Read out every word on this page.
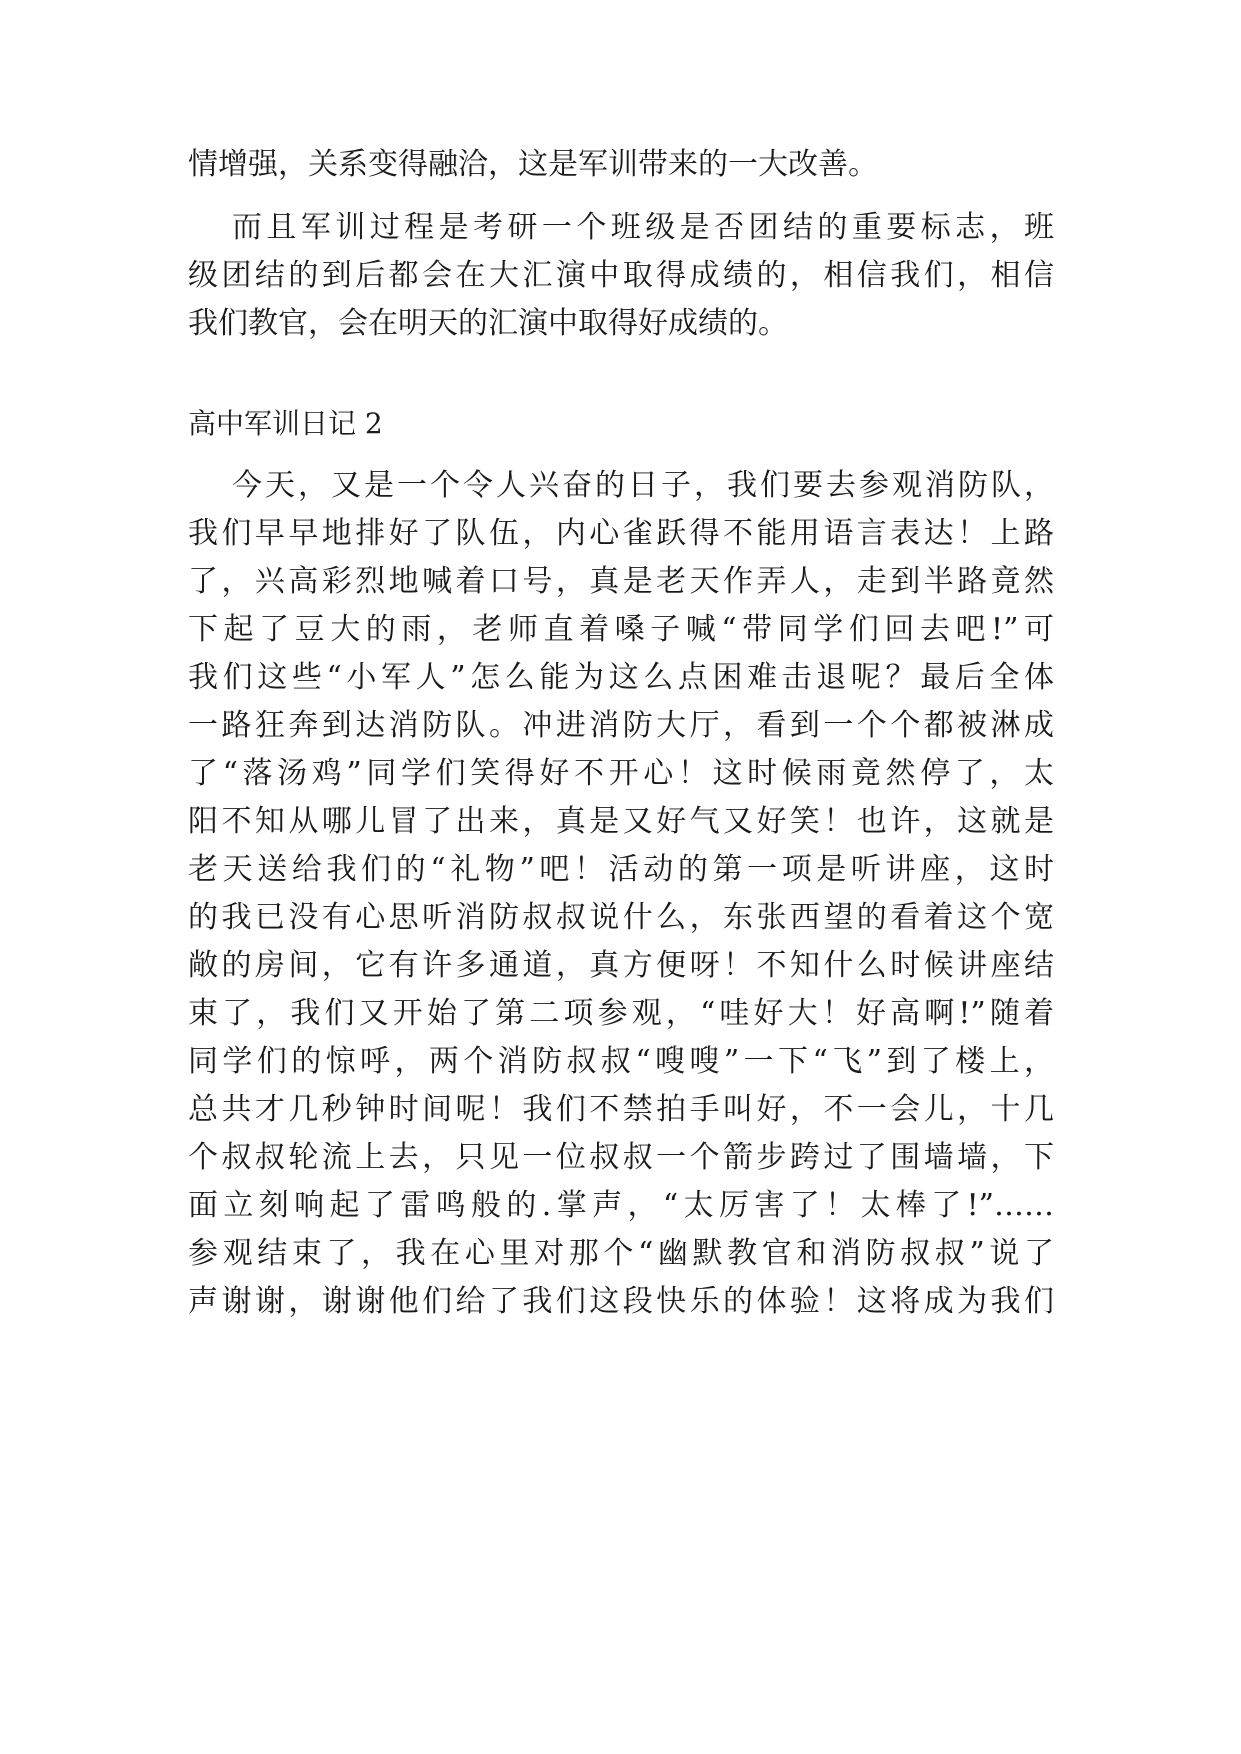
情增强，关系变得融洽，这是军训带来的一大改善。
而且军训过程是考研一个班级是否团结的重要标志，班
级团结的到后都会在大汇演中取得成绩的，相信我们，相信
我们教官，会在明天的汇演中取得好成绩的。
高中军训日记 2
今天，又是一个令人兴奋的日子，我们要去参观消防队，
我们早早地排好了队伍，内心雀跃得不能用语言表达！上路
了，兴高彩烈地喊着口号，真是老天作弄人，走到半路竟然
下起了豆大的雨，老师直着嗓子喊“带同学们回去吧!”可
我们这些“小军人”怎么能为这么点困难击退呢？最后全体
一路狂奔到达消防队。冲进消防大厅，看到一个个都被淋成
了“落汤鸡”同学们笑得好不开心！这时候雨竟然停了，太
阳不知从哪儿冒了出来，真是又好气又好笑！也许，这就是
老天送给我们的“礼物”吧！活动的第一项是听讲座，这时
的我已没有心思听消防叔叔说什么，东张西望的看着这个宽
敞的房间，它有许多通道，真方便呀！不知什么时候讲座结
束了，我们又开始了第二项参观，“哇好大！好高啊!”随着
同学们的惊呼，两个消防叔叔“嗖嗖”一下“飞”到了楼上，
总共才几秒钟时间呢！我们不禁拍手叫好，不一会儿，十几
个叔叔轮流上去，只见一位叔叔一个箭步跨过了围墙墙，下
面立刻响起了雷鸣般的.掌声，“太厉害了！太棒了!”……
参观结束了，我在心里对那个“幽默教官和消防叔叔”说了
声谢谢，谢谢他们给了我们这段快乐的体验！这将成为我们
